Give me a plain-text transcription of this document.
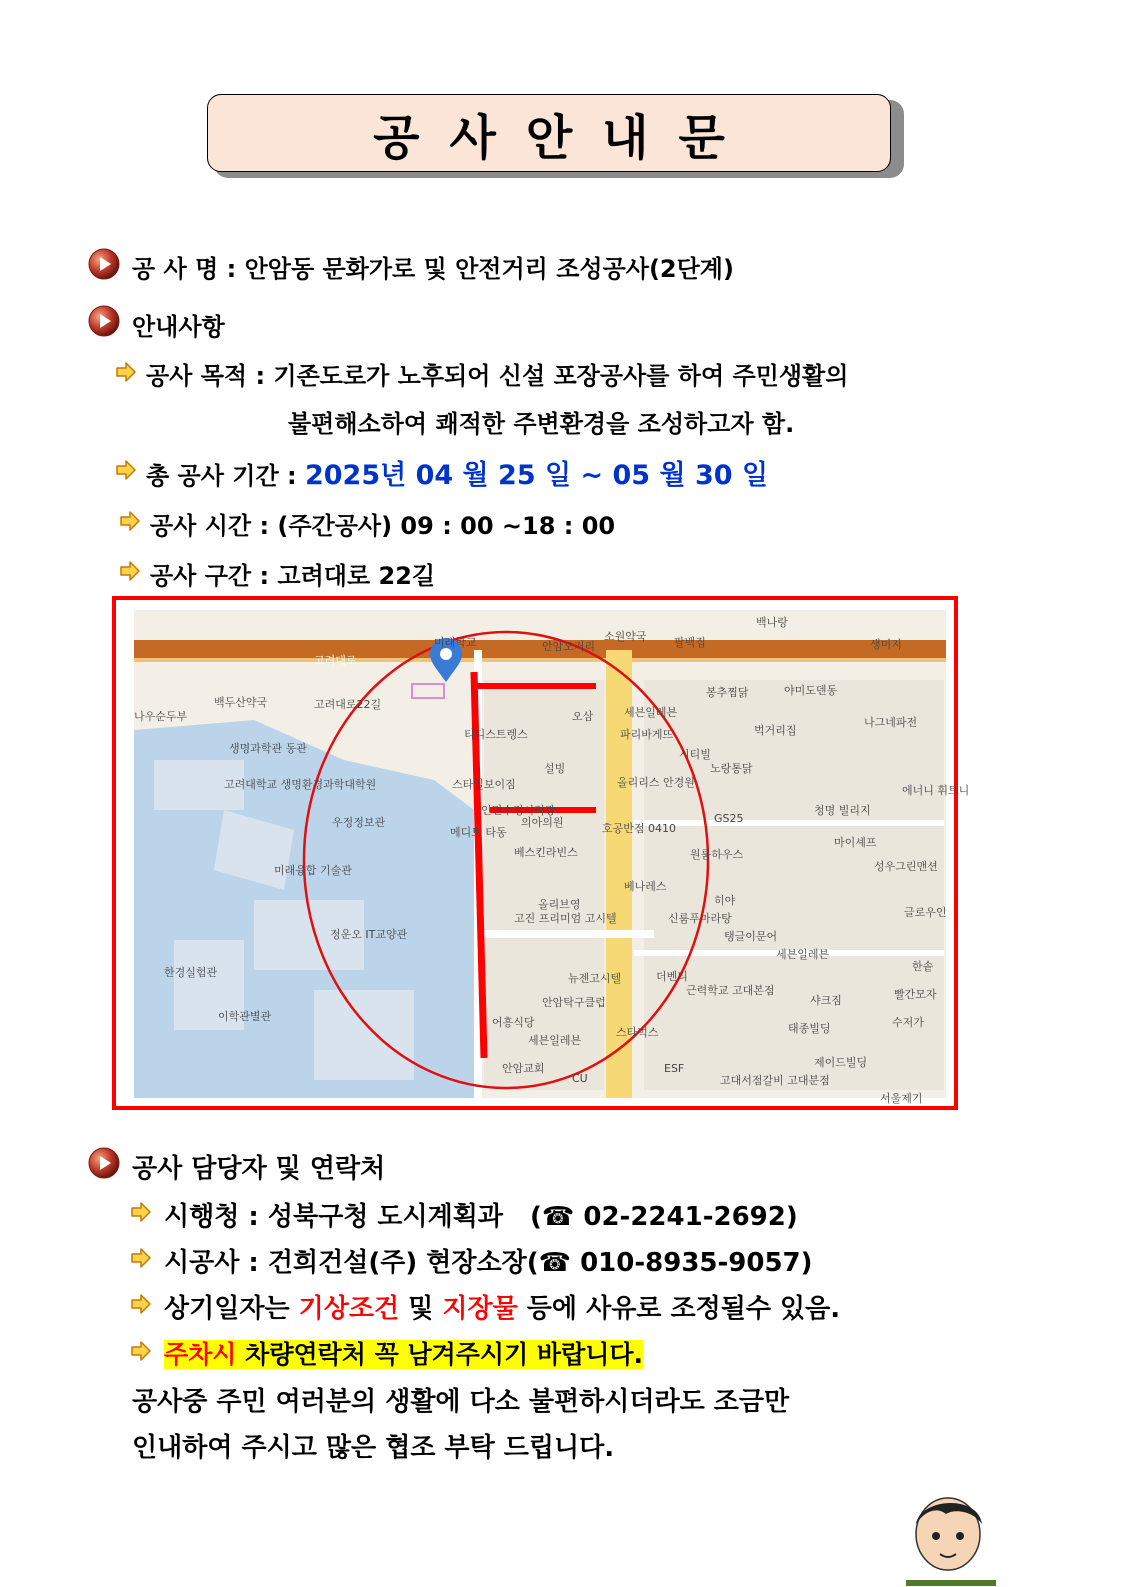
공사안내문
공 사 명 : 안암동 문화가로 및 안전거리 조성공사(2단계)
안내사항
공사 목적 : 기존도로가 노후되어 신설 포장공사를 하여 주민생활의
불편해소하여 쾌적한 주변환경을 조성하고자 함.
총 공사 기간 : 2025년 04 월 25 일 ~ 05 월 30 일
공사 시간 : (주간공사) 09 : 00 ~18 : 00
공사 구간 : 고려대로 22길
소원약국 팔백집
백나랑
생미지
미래학교
고려대로
안암오거리
봉추찜닭	야미도덴동
나그네파전
백두산약국	고려대로22길
나우순두부	오삼	세븐일레븐
파리바게뜨	벅거리집
티디스트렝스
시티빌
노랑통닭
생명과학관 동관
고려대학교 생명환경과학대학원
설빙
스타일보이짐	올리리스 안경원
에너니 휘트니
인민수정시력광
의아의원	GS25
청명 빌리지
우정정보관
메디트 타동	호공반점 0410
원룸하우스
마이셰프
베스킨라빈스
성우그린맨션
미래융합 기술관
베나레스
히야
올리브영
고진 프리미엄 고시텔	신룸푸마라탕	글로우인
정운오 IT교양관	탱글이문어
세븐일레븐
한경실험관	뉴젠고시텔	더벤티
한솥
근력학교 고대본점
샤크짐	빨간모자
안암탁구클럽
이학관별관	어흥식당
스타벅스	태종빌딩	수저가
세븐일레븐
안암교회	ESF	제이드빌딩
CU	고대서점갈비 고대분점
서울제기
공사 담당자 및 연락처
시행청 : 성북구청 도시계획과 (☎ 02-2241-2692)
시공사 : 건희건설(주) 현장소장(☎ 010-8935-9057)
상기일자는 기상조건 및 지장물 등에 사유로 조정될수 있음.
주차시 차량연락처 꼭 남겨주시기 바랍니다.
공사중 주민 여러분의 생활에 다소 불편하시더라도 조금만
인내하여 주시고 많은 협조 부탁 드립니다.
